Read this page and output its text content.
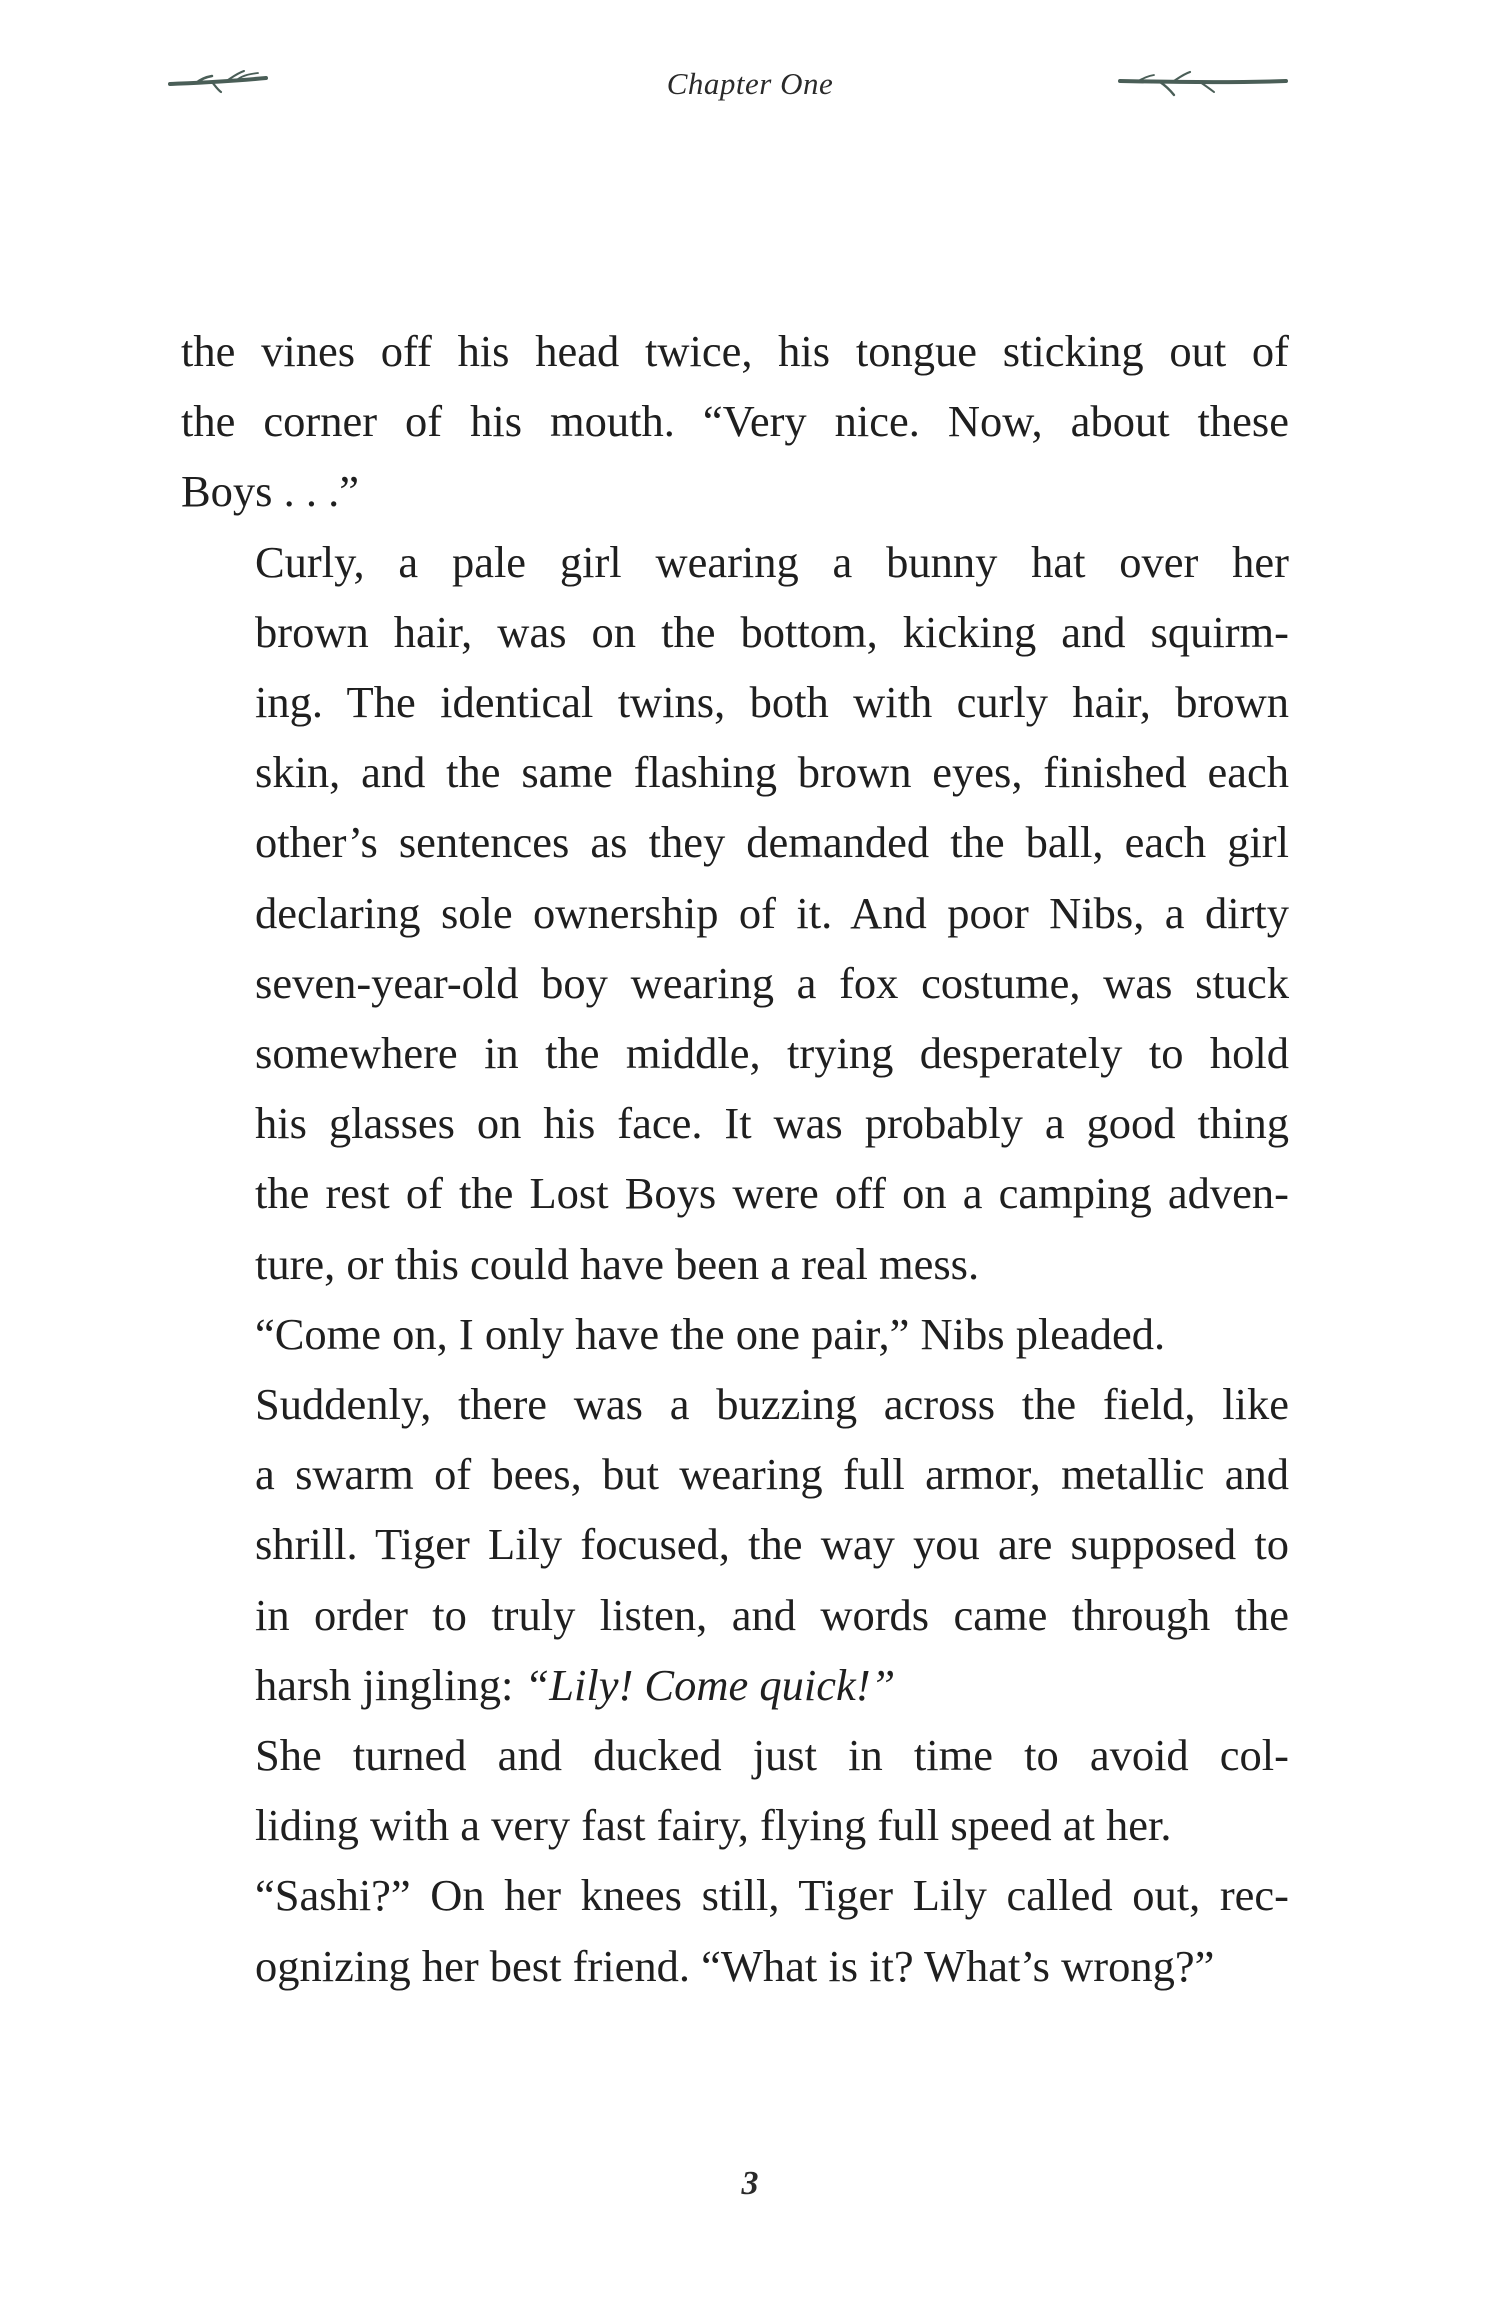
Chapter One

the vines off his head twice, his tongue sticking out of
the corner of his mouth. “Very nice. Now, about these
Boys . . .”

Curly, a pale girl wearing a bunny hat over her
brown hair, was on the bottom, kicking and squirm-
ing. The identical twins, both with curly hair, brown
skin, and the same flashing brown eyes, finished each
other’s sentences as they demanded the ball, each girl
declaring sole ownership of it. And poor Nibs, a dirty
seven-year-old boy wearing a fox costume, was stuck
somewhere in the middle, trying desperately to hold
his glasses on his face. It was probably a good thing
the rest of the Lost Boys were off on a camping adven-
ture, or this could have been a real mess.

“Come on, I only have the one pair,” Nibs pleaded.

Suddenly, there was a buzzing across the field, like
a swarm of bees, but wearing full armor, metallic and
shrill. Tiger Lily focused, the way you are supposed to
in order to truly listen, and words came through the
harsh jingling: “Lily! Come quick!”

She turned and ducked just in time to avoid col-
liding with a very fast fairy, flying full speed at her.

“Sashi?” On her knees still, Tiger Lily called out, rec-
ognizing her best friend. “What is it? What’s wrong?”

3
